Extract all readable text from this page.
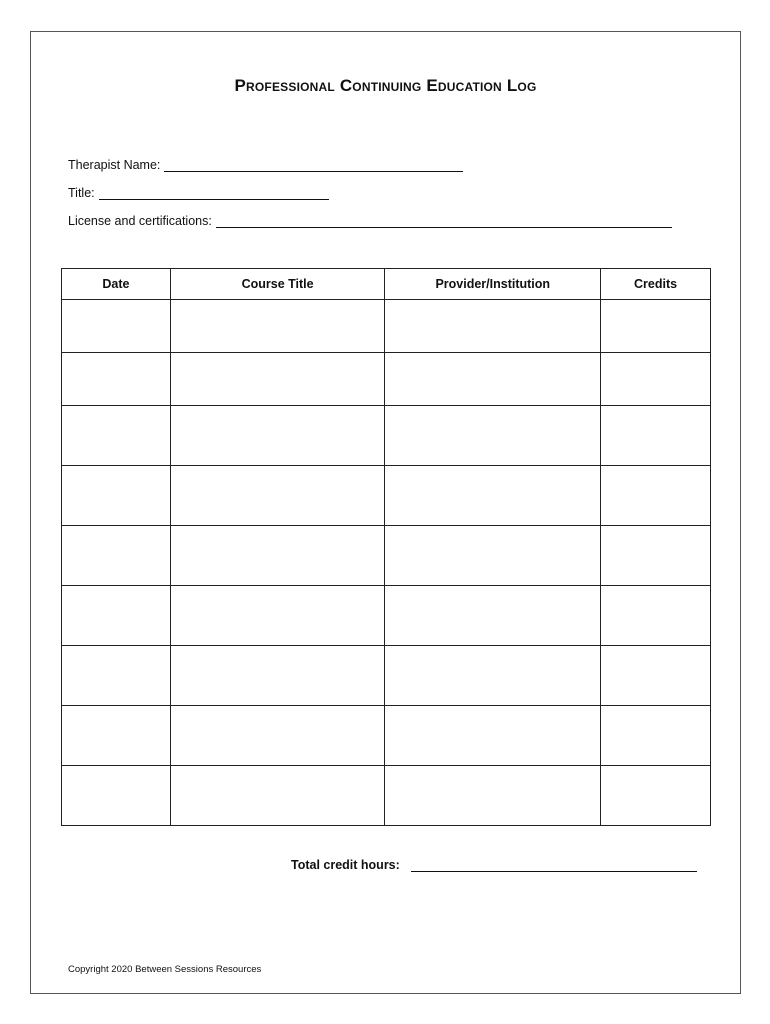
Professional Continuing Education Log
Therapist Name:
Title:
License and certifications:
Date	Course Title	Provider/Institution	Credits

Total credit hours:
Copyright 2020 Between Sessions Resources
